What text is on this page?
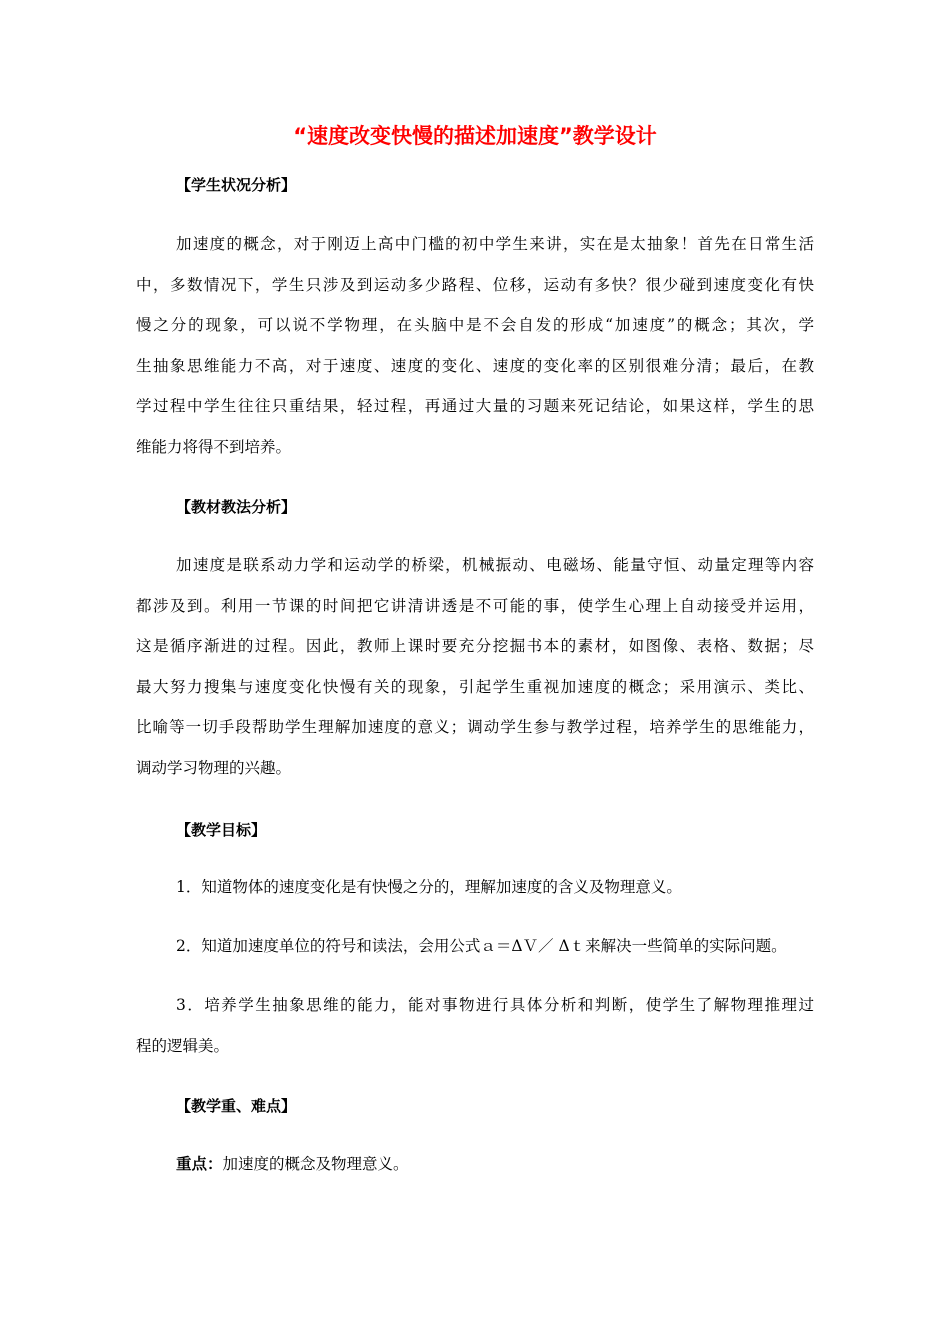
“速度改变快慢的描述加速度”教学设计
【学生状况分析】
加速度的概念，对于刚迈上高中门槛的初中学生来讲，实在是太抽象！首先在日常生活
中，多数情况下，学生只涉及到运动多少路程、位移，运动有多快？很少碰到速度变化有快
慢之分的现象，可以说不学物理，在头脑中是不会自发的形成“加速度”的概念；其次，学
生抽象思维能力不高，对于速度、速度的变化、速度的变化率的区别很难分清；最后，在教
学过程中学生往往只重结果，轻过程，再通过大量的习题来死记结论，如果这样，学生的思
维能力将得不到培养。
【教材教法分析】
加速度是联系动力学和运动学的桥梁，机械振动、电磁场、能量守恒、动量定理等内容
都涉及到。利用一节课的时间把它讲清讲透是不可能的事，使学生心理上自动接受并运用，
这是循序渐进的过程。因此，教师上课时要充分挖掘书本的素材，如图像、表格、数据；尽
最大努力搜集与速度变化快慢有关的现象，引起学生重视加速度的概念；采用演示、类比、
比喻等一切手段帮助学生理解加速度的意义；调动学生参与教学过程，培养学生的思维能力，
调动学习物理的兴趣。
【教学目标】
1．知道物体的速度变化是有快慢之分的，理解加速度的含义及物理意义。
2．知道加速度单位的符号和读法，会用公式ａ＝ΔＶ／ Δｔ来解决一些简单的实际问题。
3．培养学生抽象思维的能力，能对事物进行具体分析和判断，使学生了解物理推理过
程的逻辑美。
【教学重、难点】
重点：加速度的概念及物理意义。
